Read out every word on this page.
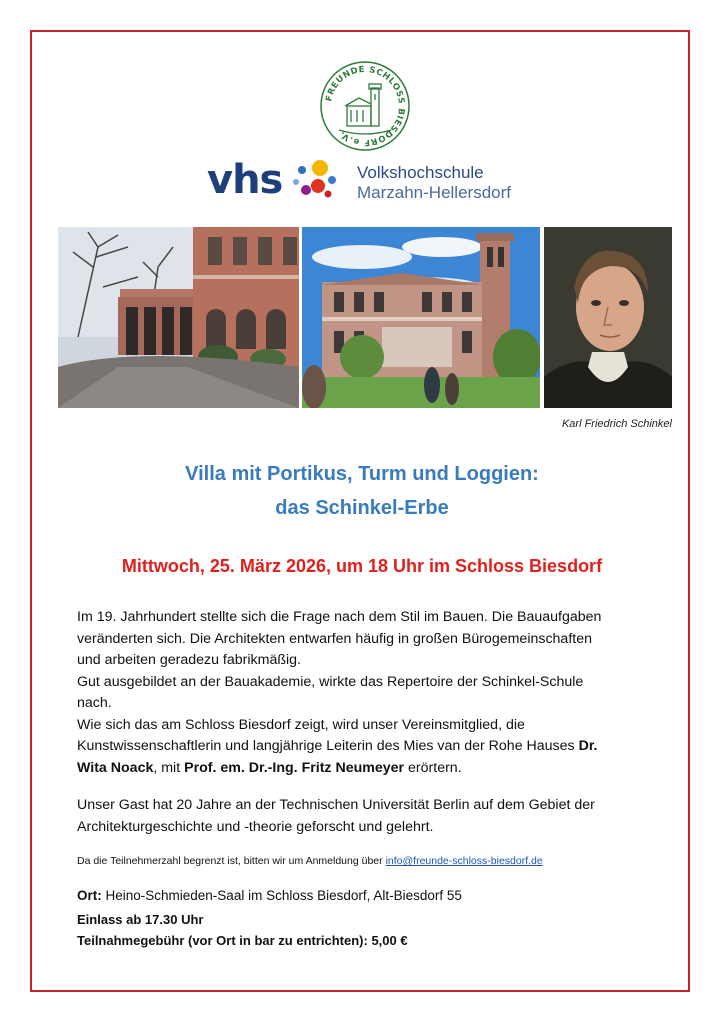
FREUNDE SCHLOSS BIESDORF e.V.
vhs	Volkshochschule
Marzahn-Hellersdorf
Karl Friedrich Schinkel
Villa mit Portikus, Turm und Loggien:
das Schinkel-Erbe
Mittwoch, 25. März 2026, um 18 Uhr im Schloss Biesdorf
Im 19. Jahrhundert stellte sich die Frage nach dem Stil im Bauen. Die Bauaufgaben
veränderten sich. Die Architekten entwarfen häufig in großen Bürogemeinschaften
und arbeiten geradezu fabrikmäßig.
Gut ausgebildet an der Bauakademie, wirkte das Repertoire der Schinkel-Schule
nach.
Wie sich das am Schloss Biesdorf zeigt, wird unser Vereinsmitglied, die
Kunstwissenschaftlerin und langjährige Leiterin des Mies van der Rohe Hauses Dr.
Wita Noack, mit Prof. em. Dr.-Ing. Fritz Neumeyer erörtern.
Unser Gast hat 20 Jahre an der Technischen Universität Berlin auf dem Gebiet der
Architekturgeschichte und -theorie geforscht und gelehrt.
Da die Teilnehmerzahl begrenzt ist, bitten wir um Anmeldung über info@freunde-schloss-biesdorf.de
Ort: Heino-Schmieden-Saal im Schloss Biesdorf, Alt-Biesdorf 55
Einlass ab 17.30 Uhr
Teilnahmegebühr (vor Ort in bar zu entrichten): 5,00 €
